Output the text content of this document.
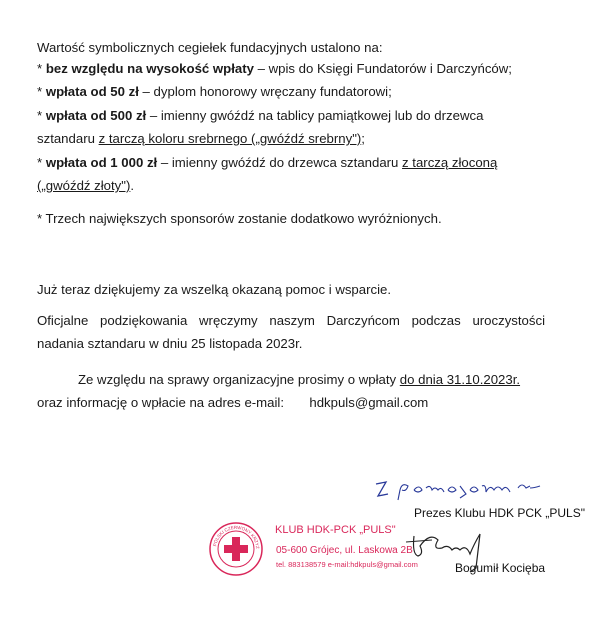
Wartość symbolicznych cegiełek fundacyjnych ustalono na:
* bez względu na wysokość wpłaty – wpis do Księgi Fundatorów i Darczyńców;
* wpłata od 50 zł – dyplom honorowy wręczany fundatorowi;
* wpłata od 500 zł – imienny gwóźdź na tablicy pamiątkowej lub do drzewca
sztandaru z tarczą koloru srebrnego („gwóźdź srebrny");
* wpłata od 1 000 zł – imienny gwóźdź do drzewca sztandaru z tarczą złoconą
(„gwóźdź złoty").
* Trzech największych sponsorów zostanie dodatkowo wyróżnionych.
Już teraz dziękujemy za wszelką okazaną pomoc i wsparcie.
Oficjalne podziękowania wręczymy naszym Darczyńcom podczas uroczystości
nadania sztandaru w dniu 25 listopada 2023r.
Ze względu na sprawy organizacyjne prosimy o wpłaty do dnia 31.10.2023r.
oraz informację o wpłacie na adres e-mail: hdkpuls@gmail.com
Prezes Klubu HDK PCK „PULS"
Bogumił Kocięba
POLSKI CZERWONY KRZYŻ
KLUB HDK-PCK „PULS"
05-600 Grójec, ul. Laskowa 2B
tel. 883138579 e-mail:hdkpuls@gmail.com
